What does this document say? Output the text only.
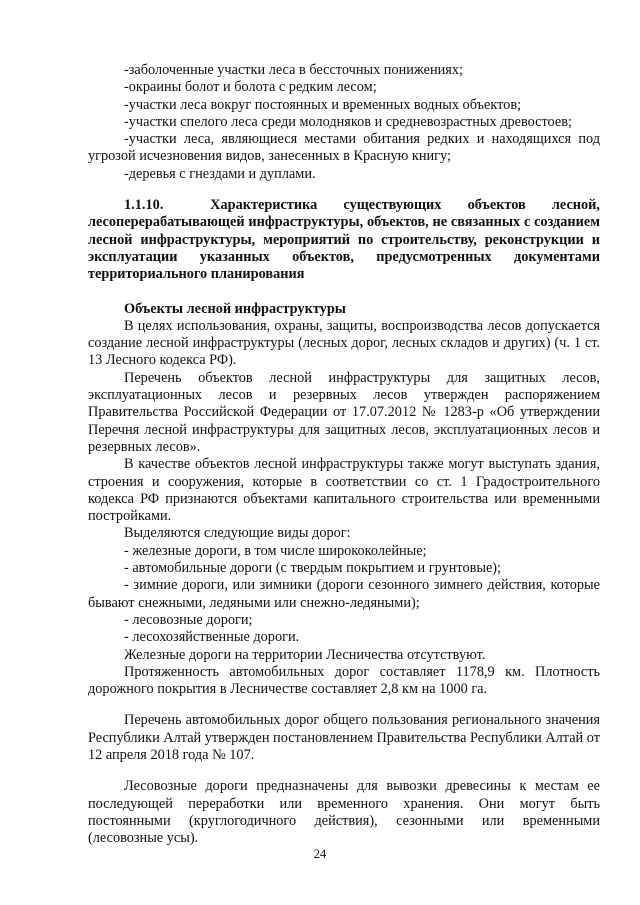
-заболоченные участки леса в бессточных понижениях;

-окраины болот и болота с редким лесом;

-участки леса вокруг постоянных и временных водных объектов;

-участки спелого леса среди молодняков и средневозрастных древостоев;

-участки леса, являющиеся местами обитания редких и находящихся под угрозой исчезновения видов, занесенных в Красную книгу;

-деревья с гнездами и дуплами.

1.1.10.	Характеристика существующих объектов лесной, лесоперерабатывающей инфраструктуры, объектов, не связанных с созданием лесной инфраструктуры, мероприятий по строительству, реконструкции и эксплуатации указанных объектов, предусмотренных документами территориального планирования

Объекты лесной инфраструктуры

В целях использования, охраны, защиты, воспроизводства лесов допускается создание лесной инфраструктуры (лесных дорог, лесных складов и других) (ч. 1 ст. 13 Лесного кодекса РФ).

Перечень объектов лесной инфраструктуры для защитных лесов, эксплуатационных лесов и резервных лесов утвержден распоряжением Правительства Российской Федерации от 17.07.2012 № 1283-р «Об утверждении Перечня лесной инфраструктуры для защитных лесов, эксплуатационных лесов и резервных лесов».

В качестве объектов лесной инфраструктуры также могут выступать здания, строения и сооружения, которые в соответствии со ст. 1 Градостроительного кодекса РФ признаются объектами капитального строительства или временными постройками.

Выделяются следующие виды дорог:

- железные дороги, в том числе ширококолейные;

- автомобильные дороги (с твердым покрытием и грунтовые);

- зимние дороги, или зимники (дороги сезонного зимнего действия, которые бывают снежными, ледяными или снежно-ледяными);

- лесовозные дороги;

- лесохозяйственные дороги.

Железные дороги на территории Лесничества отсутствуют.

Протяженность автомобильных дорог составляет 1178,9 км. Плотность дорожного покрытия в Лесничестве составляет 2,8 км на 1000 га.

Перечень автомобильных дорог общего пользования регионального значения Республики Алтай утвержден постановлением Правительства Республики Алтай от 12 апреля 2018 года № 107.

Лесовозные дороги предназначены для вывозки древесины к местам ее последующей переработки или временного хранения. Они могут быть постоянными (круглогодичного действия), сезонными или временными (лесовозные усы).

24
